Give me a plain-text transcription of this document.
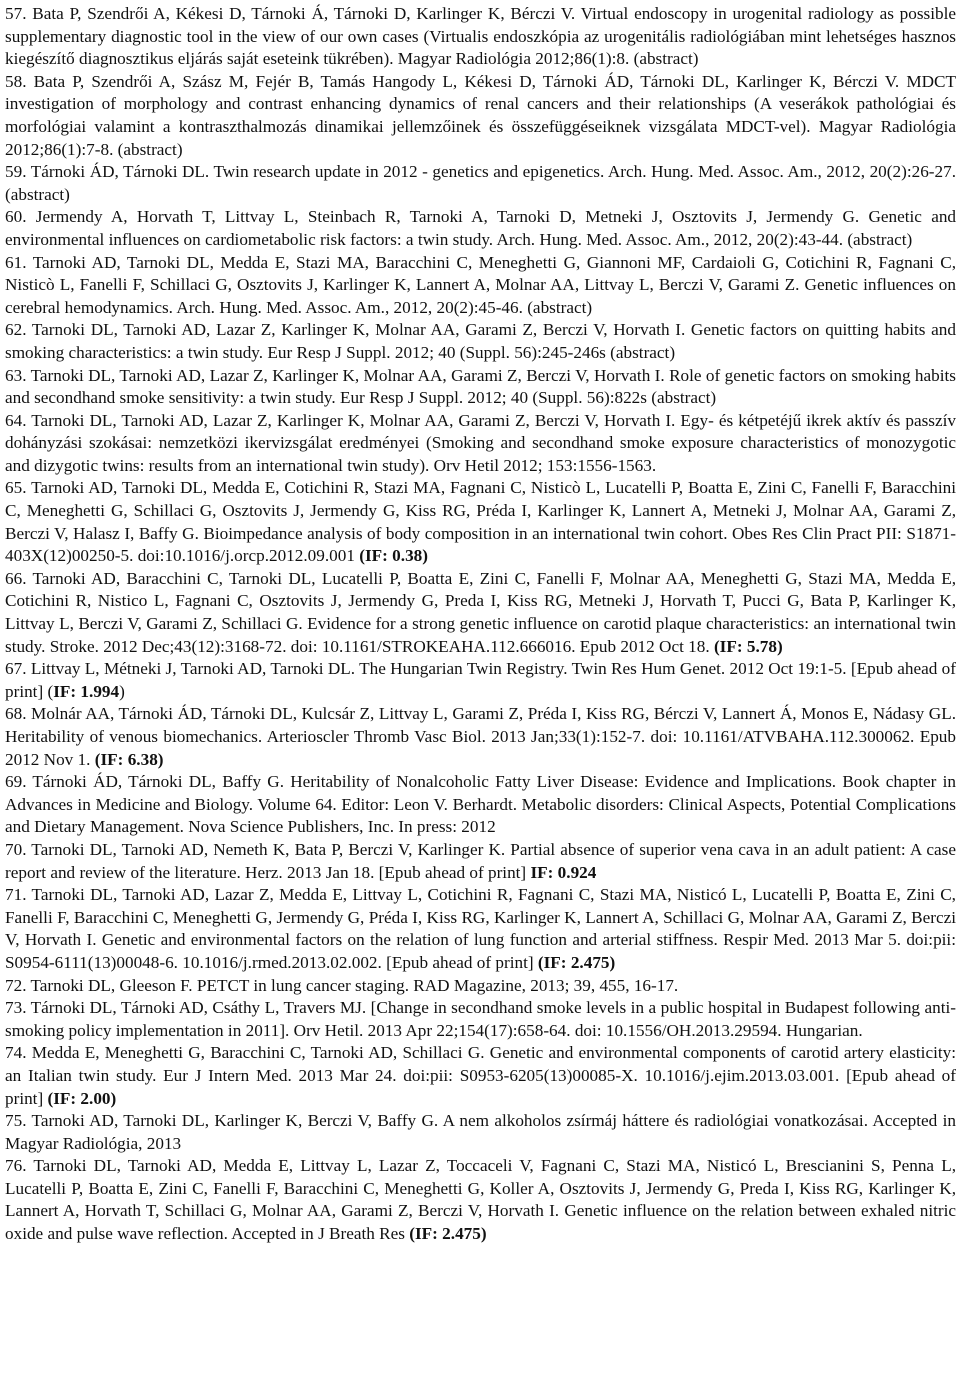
57. Bata P, Szendrői A, Kékesi D, Tárnoki Á, Tárnoki D, Karlinger K, Bérczi V. Virtual endoscopy in urogenital radiology as possible supplementary diagnostic tool in the view of our own cases (Virtualis endoszkópia az urogenitális radiológiában mint lehetséges hasznos kiegészítő diagnosztikus eljárás saját eseteink tükrében). Magyar Radiológia 2012;86(1):8. (abstract)

58. Bata P, Szendrői A, Szász M, Fejér B, Tamás Hangody L, Kékesi D, Tárnoki ÁD, Tárnoki DL, Karlinger K, Bérczi V. MDCT investigation of morphology and contrast enhancing dynamics of renal cancers and their relationships (A veserákok pathológiai és morfológiai valamint a kontraszthalmozás dinamikai jellemzőinek és összefüggéseiknek vizsgálata MDCT-vel). Magyar Radiológia 2012;86(1):7-8. (abstract)

59. Tárnoki ÁD, Tárnoki DL. Twin research update in 2012 - genetics and epigenetics. Arch. Hung. Med. Assoc. Am., 2012, 20(2):26-27. (abstract)

60. Jermendy A, Horvath T, Littvay L, Steinbach R, Tarnoki A, Tarnoki D, Metneki J, Osztovits J, Jermendy G. Genetic and environmental influences on cardiometabolic risk factors: a twin study. Arch. Hung. Med. Assoc. Am., 2012, 20(2):43-44. (abstract)

61. Tarnoki AD, Tarnoki DL, Medda E, Stazi MA, Baracchini C, Meneghetti G, Giannoni MF, Cardaioli G, Cotichini R, Fagnani C, Nisticò L, Fanelli F, Schillaci G, Osztovits J, Karlinger K, Lannert A, Molnar AA, Littvay L, Berczi V, Garami Z. Genetic influences on cerebral hemodynamics. Arch. Hung. Med. Assoc. Am., 2012, 20(2):45-46. (abstract)

62. Tarnoki DL, Tarnoki AD, Lazar Z, Karlinger K, Molnar AA, Garami Z, Berczi V, Horvath I. Genetic factors on quitting habits and smoking characteristics: a twin study. Eur Resp J Suppl. 2012; 40 (Suppl. 56):245-246s (abstract)

63. Tarnoki DL, Tarnoki AD, Lazar Z, Karlinger K, Molnar AA, Garami Z, Berczi V, Horvath I. Role of genetic factors on smoking habits and secondhand smoke sensitivity: a twin study. Eur Resp J Suppl. 2012; 40 (Suppl. 56):822s (abstract)

64. Tarnoki DL, Tarnoki AD, Lazar Z, Karlinger K, Molnar AA, Garami Z, Berczi V, Horvath I. Egy- és kétpetéjű ikrek aktív és passzív dohányzási szokásai: nemzetközi ikervizsgálat eredményei (Smoking and secondhand smoke exposure characteristics of monozygotic and dizygotic twins: results from an international twin study). Orv Hetil 2012; 153:1556-1563.

65. Tarnoki AD, Tarnoki DL, Medda E, Cotichini R, Stazi MA, Fagnani C, Nisticò L, Lucatelli P, Boatta E, Zini C, Fanelli F, Baracchini C, Meneghetti G, Schillaci G, Osztovits J, Jermendy G, Kiss RG, Préda I, Karlinger K, Lannert A, Metneki J, Molnar AA, Garami Z, Berczi V, Halasz I, Baffy G. Bioimpedance analysis of body composition in an international twin cohort. Obes Res Clin Pract PII: S1871-403X(12)00250-5. doi:10.1016/j.orcp.2012.09.001 (IF: 0.38)

66. Tarnoki AD, Baracchini C, Tarnoki DL, Lucatelli P, Boatta E, Zini C, Fanelli F, Molnar AA, Meneghetti G, Stazi MA, Medda E, Cotichini R, Nistico L, Fagnani C, Osztovits J, Jermendy G, Preda I, Kiss RG, Metneki J, Horvath T, Pucci G, Bata P, Karlinger K, Littvay L, Berczi V, Garami Z, Schillaci G. Evidence for a strong genetic influence on carotid plaque characteristics: an international twin study. Stroke. 2012 Dec;43(12):3168-72. doi: 10.1161/STROKEAHA.112.666016. Epub 2012 Oct 18. (IF: 5.78)

67. Littvay L, Métneki J, Tarnoki AD, Tarnoki DL. The Hungarian Twin Registry. Twin Res Hum Genet. 2012 Oct 19:1-5. [Epub ahead of print] (IF: 1.994)

68. Molnár AA, Tárnoki ÁD, Tárnoki DL, Kulcsár Z, Littvay L, Garami Z, Préda I, Kiss RG, Bérczi V, Lannert Á, Monos E, Nádasy GL. Heritability of venous biomechanics. Arterioscler Thromb Vasc Biol. 2013 Jan;33(1):152-7. doi: 10.1161/ATVBAHA.112.300062. Epub 2012 Nov 1. (IF: 6.38)

69. Tárnoki ÁD, Tárnoki DL, Baffy G. Heritability of Nonalcoholic Fatty Liver Disease: Evidence and Implications. Book chapter in Advances in Medicine and Biology. Volume 64. Editor: Leon V. Berhardt. Metabolic disorders: Clinical Aspects, Potential Complications and Dietary Management. Nova Science Publishers, Inc. In press: 2012

70. Tarnoki DL, Tarnoki AD, Nemeth K, Bata P, Berczi V, Karlinger K. Partial absence of superior vena cava in an adult patient: A case report and review of the literature. Herz. 2013 Jan 18. [Epub ahead of print] IF: 0.924

71. Tarnoki DL, Tarnoki AD, Lazar Z, Medda E, Littvay L, Cotichini R, Fagnani C, Stazi MA, Nisticó L, Lucatelli P, Boatta E, Zini C, Fanelli F, Baracchini C, Meneghetti G, Jermendy G, Préda I, Kiss RG, Karlinger K, Lannert A, Schillaci G, Molnar AA, Garami Z, Berczi V, Horvath I. Genetic and environmental factors on the relation of lung function and arterial stiffness. Respir Med. 2013 Mar 5. doi:pii: S0954-6111(13)00048-6. 10.1016/j.rmed.2013.02.002. [Epub ahead of print] (IF: 2.475)

72. Tarnoki DL, Gleeson F. PETCT in lung cancer staging. RAD Magazine, 2013; 39, 455, 16-17.

73. Tárnoki DL, Tárnoki AD, Csáthy L, Travers MJ. [Change in secondhand smoke levels in a public hospital in Budapest following anti-smoking policy implementation in 2011]. Orv Hetil. 2013 Apr 22;154(17):658-64. doi: 10.1556/OH.2013.29594. Hungarian.

74. Medda E, Meneghetti G, Baracchini C, Tarnoki AD, Schillaci G. Genetic and environmental components of carotid artery elasticity: an Italian twin study. Eur J Intern Med. 2013 Mar 24. doi:pii: S0953-6205(13)00085-X. 10.1016/j.ejim.2013.03.001. [Epub ahead of print] (IF: 2.00)

75. Tarnoki AD, Tarnoki DL, Karlinger K, Berczi V, Baffy G. A nem alkoholos zsírmáj háttere és radiológiai vonatkozásai. Accepted in Magyar Radiológia, 2013

76. Tarnoki DL, Tarnoki AD, Medda E, Littvay L, Lazar Z, Toccaceli V, Fagnani C, Stazi MA, Nisticó L, Brescianini S, Penna L, Lucatelli P, Boatta E, Zini C, Fanelli F, Baracchini C, Meneghetti G, Koller A, Osztovits J, Jermendy G, Preda I, Kiss RG, Karlinger K, Lannert A, Horvath T, Schillaci G, Molnar AA, Garami Z, Berczi V, Horvath I. Genetic influence on the relation between exhaled nitric oxide and pulse wave reflection. Accepted in J Breath Res (IF: 2.475)
